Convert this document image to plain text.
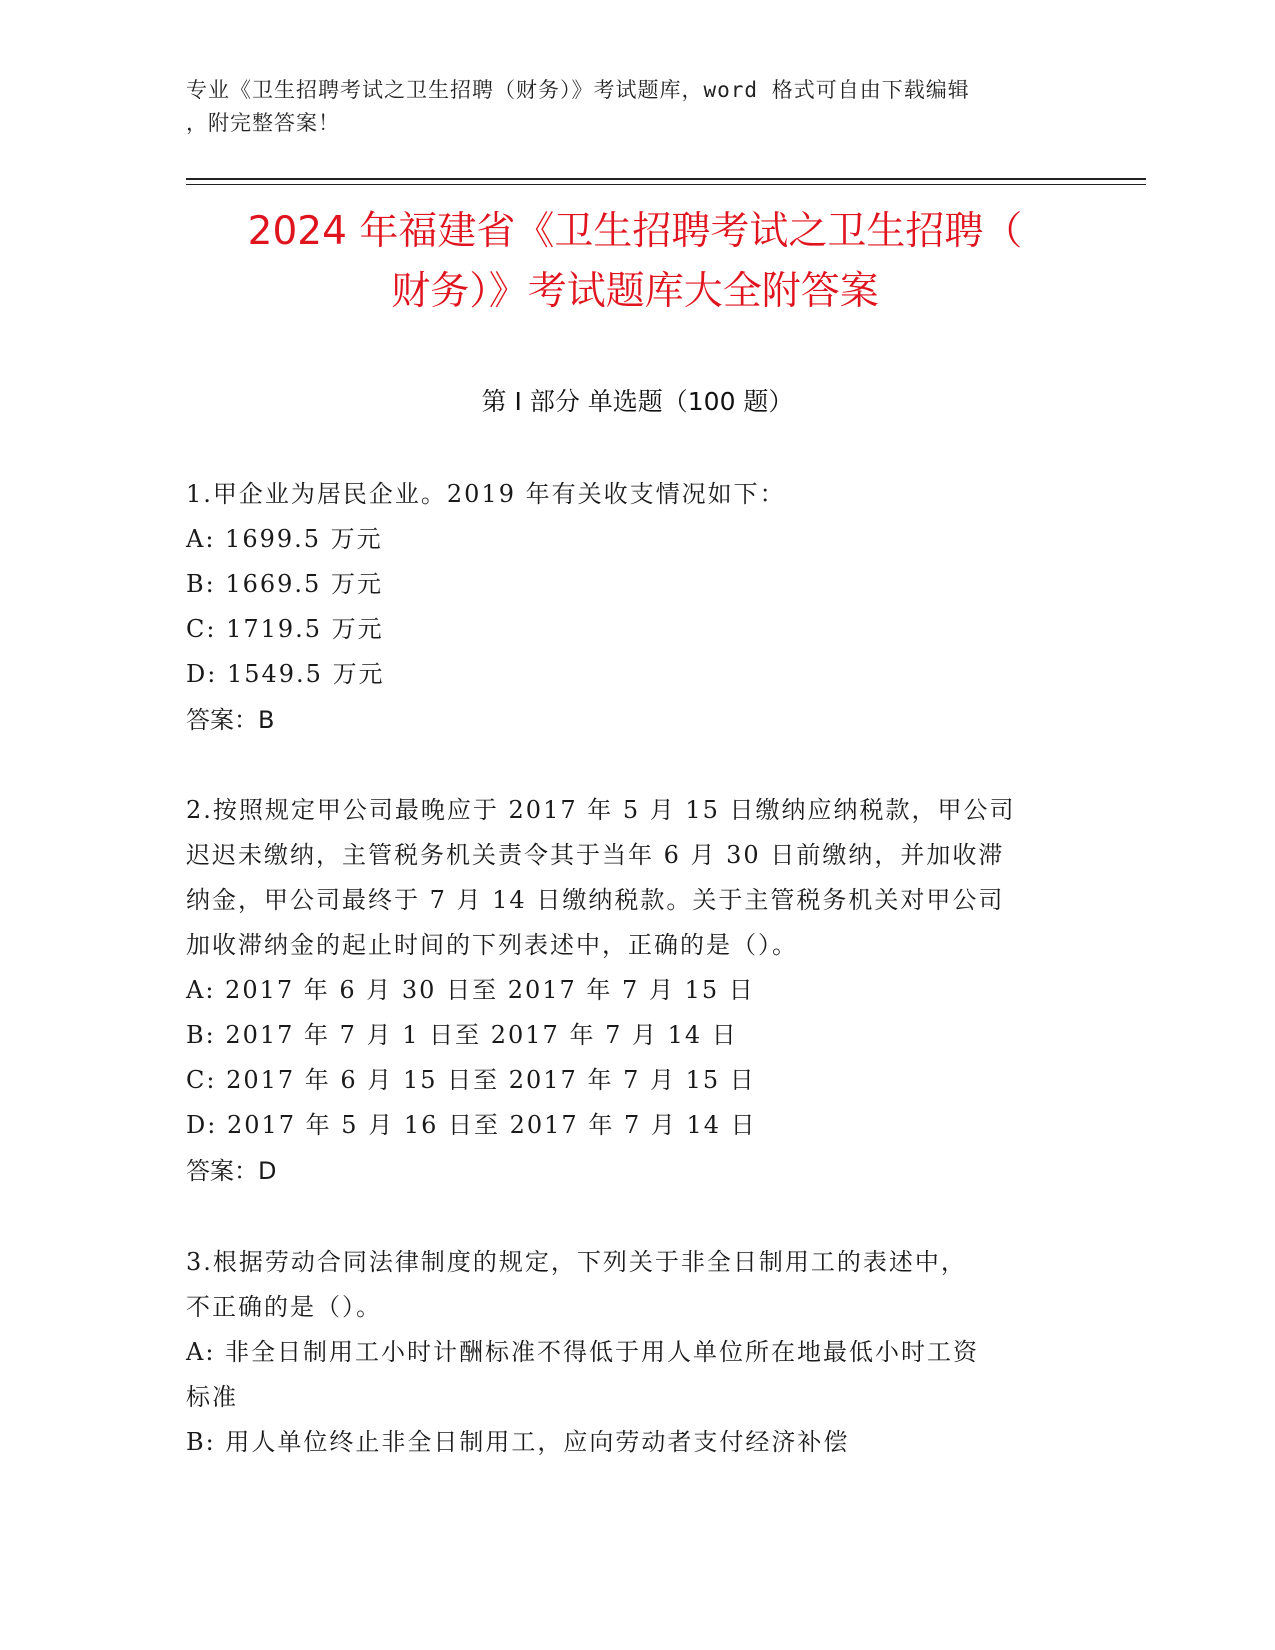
专业《卫生招聘考试之卫生招聘（财务）》考试题库，word 格式可自由下载编辑
，附完整答案！
2024 年福建省《卫生招聘考试之卫生招聘（
财务）》考试题库大全附答案
第 I 部分 单选题（100 题）
1.甲企业为居民企业。2019 年有关收支情况如下：
A: 1699.5 万元
B: 1669.5 万元
C: 1719.5 万元
D: 1549.5 万元
答案：B
2.按照规定甲公司最晚应于 2017 年 5 月 15 日缴纳应纳税款，甲公司
迟迟未缴纳，主管税务机关责令其于当年 6 月 30 日前缴纳，并加收滞
纳金，甲公司最终于 7 月 14 日缴纳税款。关于主管税务机关对甲公司
加收滞纳金的起止时间的下列表述中，正确的是（）。
A: 2017 年 6 月 30 日至 2017 年 7 月 15 日
B: 2017 年 7 月 1 日至 2017 年 7 月 14 日
C: 2017 年 6 月 15 日至 2017 年 7 月 15 日
D: 2017 年 5 月 16 日至 2017 年 7 月 14 日
答案：D
3.根据劳动合同法律制度的规定，下列关于非全日制用工的表述中，
不正确的是（）。
A: 非全日制用工小时计酬标准不得低于用人单位所在地最低小时工资
标准
B: 用人单位终止非全日制用工，应向劳动者支付经济补偿
